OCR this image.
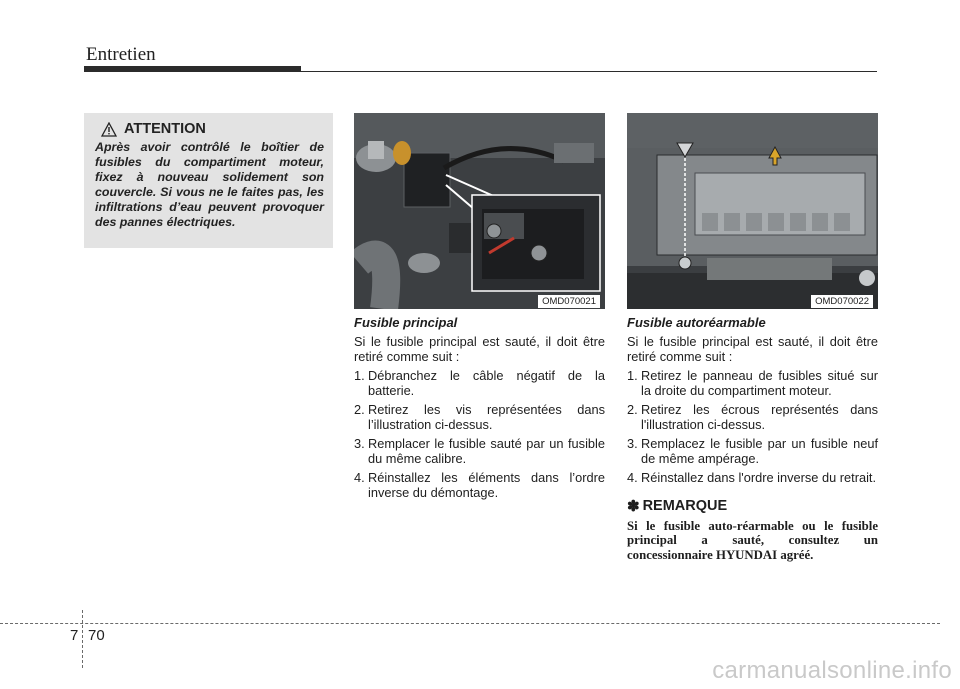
Entretien
ATTENTION
Après avoir contrôlé le boîtier de fusibles du compartiment moteur, fixez à nouveau solidement son couvercle. Si vous ne le faites pas, les infiltrations d’eau peuvent provoquer des pannes électriques.
OMD070021	OMD070022
Fusible principal
Si le fusible principal est sauté, il doit être retiré comme suit :
1. Débranchez le câble négatif de la batterie.
2. Retirez les vis représentées dans l’illustration ci-dessus.
3. Remplacer le fusible sauté par un fusible du même calibre.
4. Réinstallez les éléments dans l’ordre inverse du démontage.
Fusible autoréarmable
Si le fusible principal est sauté, il doit être retiré comme suit :
1. Retirez le panneau de fusibles situé sur la droite du compartiment moteur.
2. Retirez les écrous représentés dans l'illustration ci-dessus.
3. Remplacez le fusible par un fusible neuf de même ampérage.
4. Réinstallez dans l'ordre inverse du retrait.
✽ REMARQUE
Si le fusible auto-réarmable ou le fusible principal a sauté, consultez un concessionnaire HYUNDAI agréé.
7 70
carmanualsonline.info
